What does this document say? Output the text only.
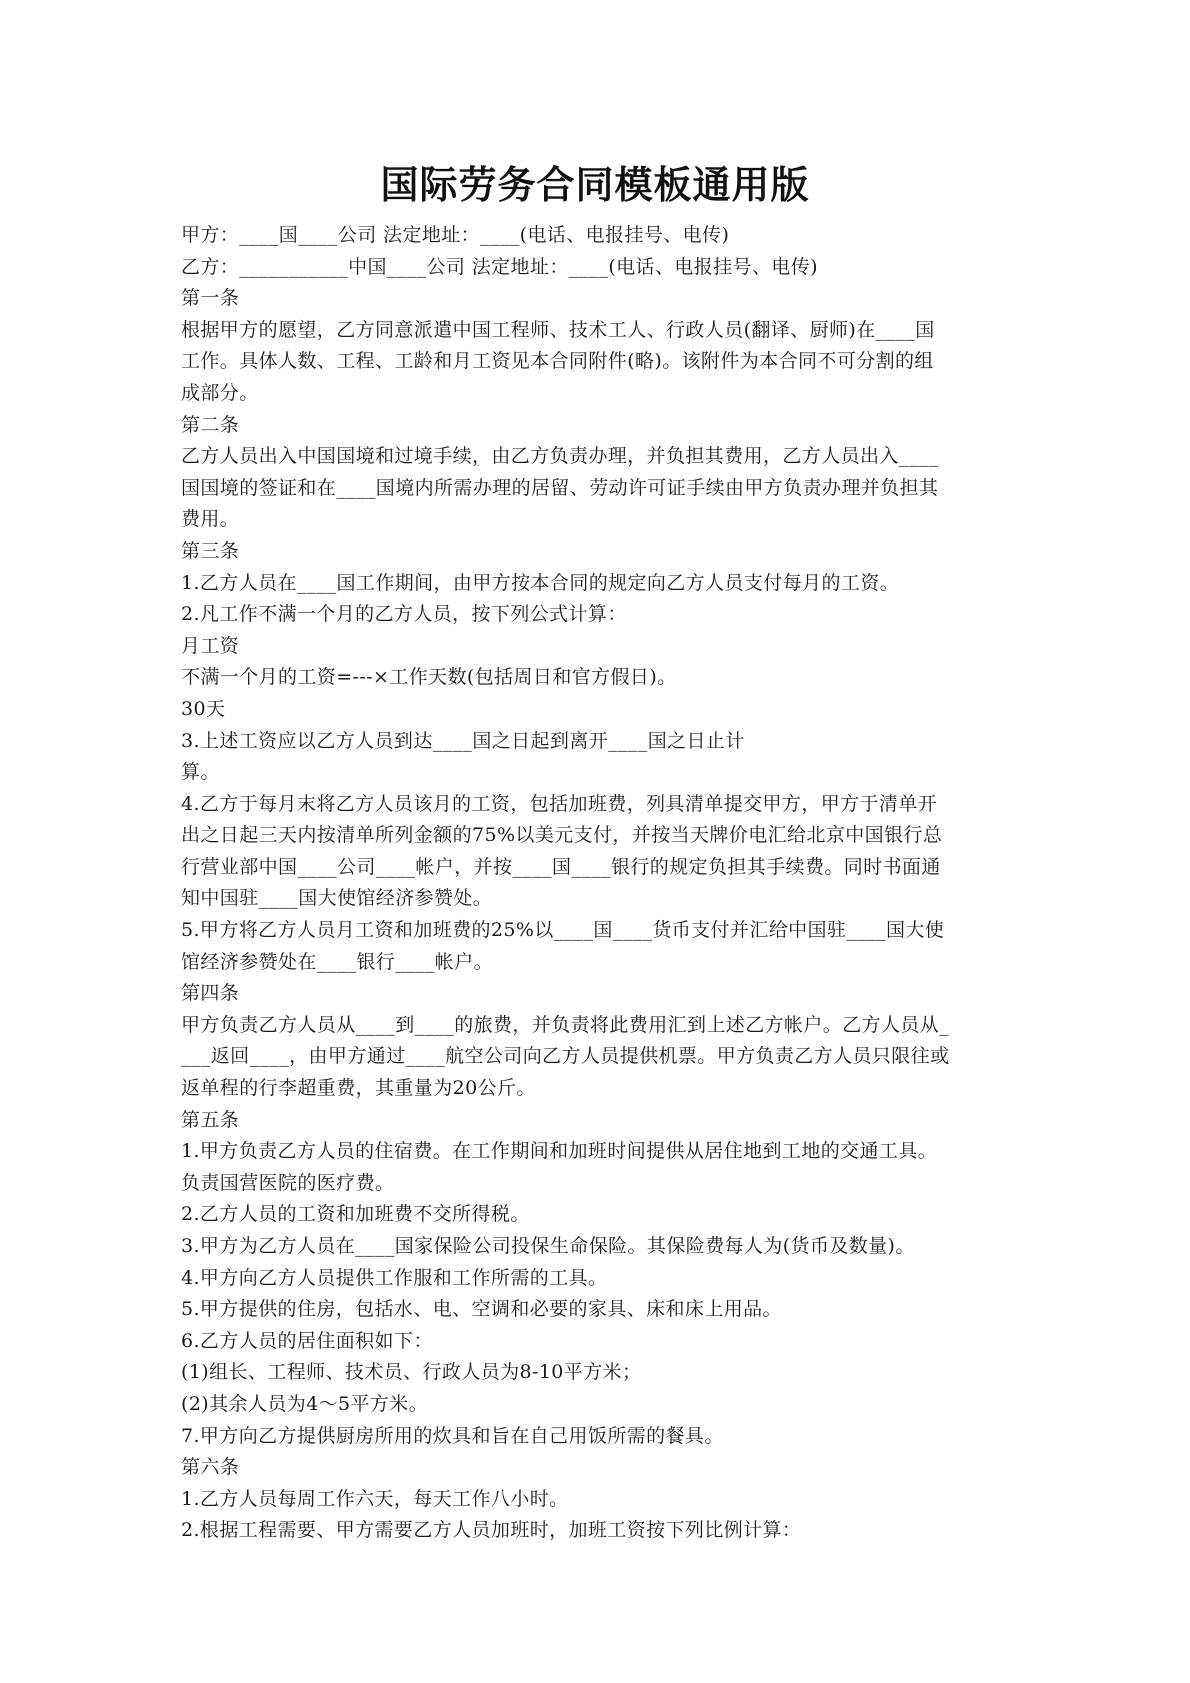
国际劳务合同模板通用版

甲方：____国____公司 法定地址：____(电话、电报挂号、电传)

乙方：___________中国____公司 法定地址：____(电话、电报挂号、电传)

第一条

根据甲方的愿望，乙方同意派遣中国工程师、技术工人、行政人员(翻译、厨师)在____国

工作。具体人数、工程、工龄和月工资见本合同附件(略)。该附件为本合同不可分割的组

成部分。

第二条

乙方人员出入中国国境和过境手续，由乙方负责办理，并负担其费用，乙方人员出入____

国国境的签证和在____国境内所需办理的居留、劳动许可证手续由甲方负责办理并负担其

费用。

第三条

1.乙方人员在____国工作期间，由甲方按本合同的规定向乙方人员支付每月的工资。

2.凡工作不满一个月的乙方人员，按下列公式计算：

月工资

不满一个月的工资=---×工作天数(包括周日和官方假日)。

30天

3.上述工资应以乙方人员到达____国之日起到离开____国之日止计

算。

4.乙方于每月末将乙方人员该月的工资，包括加班费，列具清单提交甲方，甲方于清单开

出之日起三天内按清单所列金额的75%以美元支付，并按当天牌价电汇给北京中国银行总

行营业部中国____公司____帐户，并按____国____银行的规定负担其手续费。同时书面通

知中国驻____国大使馆经济参赞处。

5.甲方将乙方人员月工资和加班费的25%以____国____货币支付并汇给中国驻____国大使

馆经济参赞处在____银行____帐户。

第四条

甲方负责乙方人员从____到____的旅费，并负责将此费用汇到上述乙方帐户。乙方人员从_

___返回____，由甲方通过____航空公司向乙方人员提供机票。甲方负责乙方人员只限往或

返单程的行李超重费，其重量为20公斤。

第五条

1.甲方负责乙方人员的住宿费。在工作期间和加班时间提供从居住地到工地的交通工具。

负责国营医院的医疗费。

2.乙方人员的工资和加班费不交所得税。

3.甲方为乙方人员在____国家保险公司投保生命保险。其保险费每人为(货币及数量)。

4.甲方向乙方人员提供工作服和工作所需的工具。

5.甲方提供的住房，包括水、电、空调和必要的家具、床和床上用品。

6.乙方人员的居住面积如下：

(1)组长、工程师、技术员、行政人员为8-10平方米；

(2)其余人员为4～5平方米。

7.甲方向乙方提供厨房所用的炊具和旨在自己用饭所需的餐具。

第六条

1.乙方人员每周工作六天，每天工作八小时。

2.根据工程需要、甲方需要乙方人员加班时，加班工资按下列比例计算：
